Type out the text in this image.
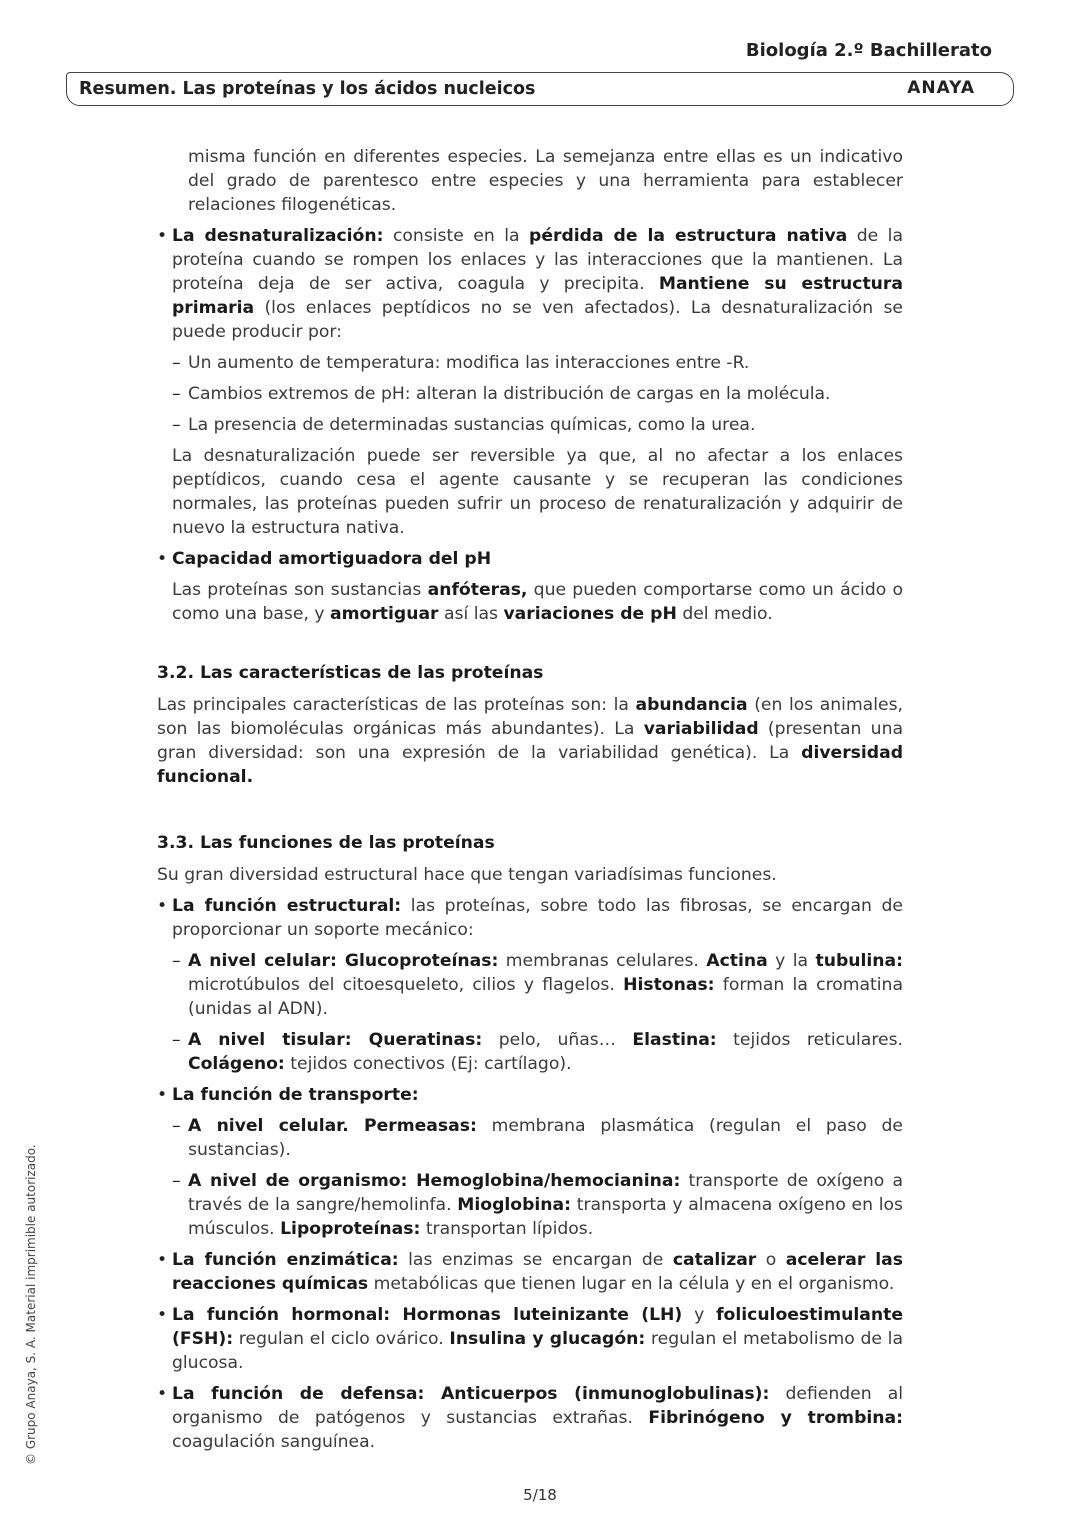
Biología 2.º Bachillerato
Resumen. Las proteínas y los ácidos nucleicos	ANAYA

misma función en diferentes especies. La semejanza entre ellas es un indicativo del grado de parentesco entre especies y una herramienta para establecer relaciones filogenéticas.

• La desnaturalización: consiste en la pérdida de la estructura nativa de la proteína cuando se rompen los enlaces y las interacciones que la mantienen. La proteína deja de ser activa, coagula y precipita. Mantiene su estructura primaria (los enlaces peptídicos no se ven afectados). La desnaturalización se puede producir por:
– Un aumento de temperatura: modifica las interacciones entre -R.
– Cambios extremos de pH: alteran la distribución de cargas en la molécula.
– La presencia de determinadas sustancias químicas, como la urea.

La desnaturalización puede ser reversible ya que, al no afectar a los enlaces peptídicos, cuando cesa el agente causante y se recuperan las condiciones normales, las proteínas pueden sufrir un proceso de renaturalización y adquirir de nuevo la estructura nativa.

• Capacidad amortiguadora del pH

Las proteínas son sustancias anfóteras, que pueden comportarse como un ácido o como una base, y amortiguar así las variaciones de pH del medio.

3.2. Las características de las proteínas

Las principales características de las proteínas son: la abundancia (en los animales, son las biomoléculas orgánicas más abundantes). La variabilidad (presentan una gran diversidad: son una expresión de la variabilidad genética). La diversidad funcional.

3.3. Las funciones de las proteínas

Su gran diversidad estructural hace que tengan variadísimas funciones.

• La función estructural: las proteínas, sobre todo las fibrosas, se encargan de proporcionar un soporte mecánico:
– A nivel celular: Glucoproteínas: membranas celulares. Actina y la tubulina: microtúbulos del citoesqueleto, cilios y flagelos. Histonas: forman la cromatina (unidas al ADN).
– A nivel tisular: Queratinas: pelo, uñas… Elastina: tejidos reticulares. Colágeno: tejidos conectivos (Ej: cartílago).
• La función de transporte:
– A nivel celular. Permeasas: membrana plasmática (regulan el paso de sustancias).
– A nivel de organismo: Hemoglobina/hemocianina: transporte de oxígeno a través de la sangre/hemolinfa. Mioglobina: transporta y almacena oxígeno en los músculos. Lipoproteínas: transportan lípidos.
• La función enzimática: las enzimas se encargan de catalizar o acelerar las reacciones químicas metabólicas que tienen lugar en la célula y en el organismo.
• La función hormonal: Hormonas luteinizante (LH) y foliculoestimulante (FSH): regulan el ciclo ovárico. Insulina y glucagón: regulan el metabolismo de la glucosa.
• La función de defensa: Anticuerpos (inmunoglobulinas): defienden al organismo de patógenos y sustancias extrañas. Fibrinógeno y trombina: coagulación sanguínea.
© Grupo Anaya, S. A. Material imprimible autorizado.
5/18
